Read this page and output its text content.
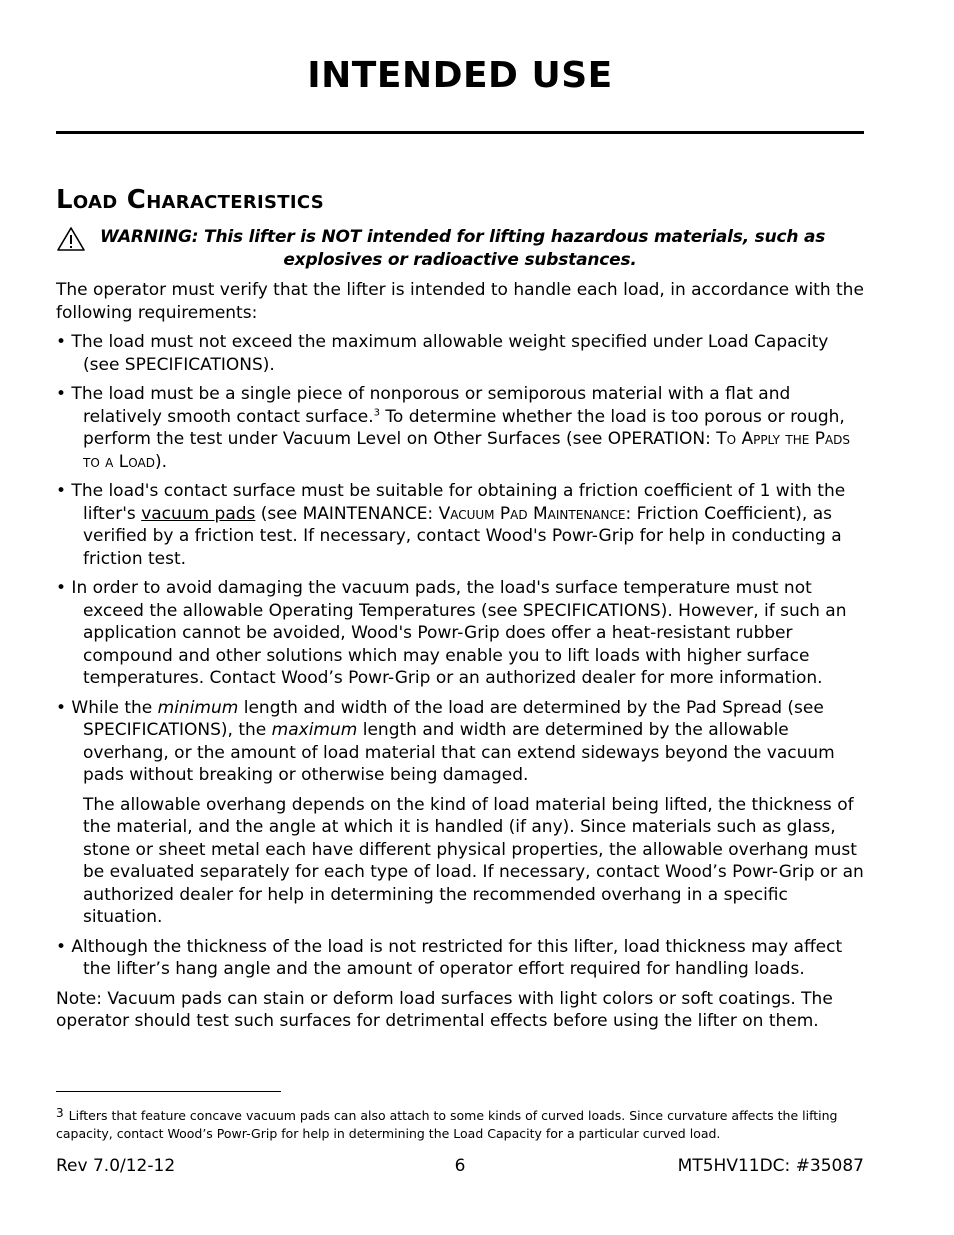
INTENDED USE
Load Characteristics
WARNING: This lifter is NOT intended for lifting hazardous materials, such as
explosives or radioactive substances.

The operator must verify that the lifter is intended to handle each load, in accordance with the following requirements:

• The load must not exceed the maximum allowable weight specified under Load Capacity (see SPECIFICATIONS).

• The load must be a single piece of nonporous or semiporous material with a flat and relatively smooth contact surface.$^3$ To determine whether the load is too porous or rough, perform the test under Vacuum Level on Other Surfaces (see OPERATION: To Apply the Pads to a Load).

• The load's contact surface must be suitable for obtaining a friction coefficient of 1 with the lifter's vacuum pads (see MAINTENANCE: Vacuum Pad Maintenance: Friction Coefficient), as verified by a friction test. If necessary, contact Wood's Powr-Grip for help in conducting a friction test.

• In order to avoid damaging the vacuum pads, the load's surface temperature must not exceed the allowable Operating Temperatures (see SPECIFICATIONS). However, if such an application cannot be avoided, Wood's Powr-Grip does offer a heat-resistant rubber compound and other solutions which may enable you to lift loads with higher surface temperatures. Contact Wood’s Powr-Grip or an authorized dealer for more information.

• While the minimum length and width of the load are determined by the Pad Spread (see SPECIFICATIONS), the maximum length and width are determined by the allowable overhang, or the amount of load material that can extend sideways beyond the vacuum pads without breaking or otherwise being damaged.

The allowable overhang depends on the kind of load material being lifted, the thickness of the material, and the angle at which it is handled (if any). Since materials such as glass, stone or sheet metal each have different physical properties, the allowable overhang must be evaluated separately for each type of load. If necessary, contact Wood’s Powr-Grip or an authorized dealer for help in determining the recommended overhang in a specific situation.

• Although the thickness of the load is not restricted for this lifter, load thickness may affect the lifter’s hang angle and the amount of operator effort required for handling loads.

Note: Vacuum pads can stain or deform load surfaces with light colors or soft coatings. The operator should test such surfaces for detrimental effects before using the lifter on them.

$^3$ Lifters that feature concave vacuum pads can also attach to some kinds of curved loads. Since curvature affects the lifting capacity, contact Wood’s Powr-Grip for help in determining the Load Capacity for a particular curved load.
Rev 7.0/12-12	6	MT5HV11DC: #35087
